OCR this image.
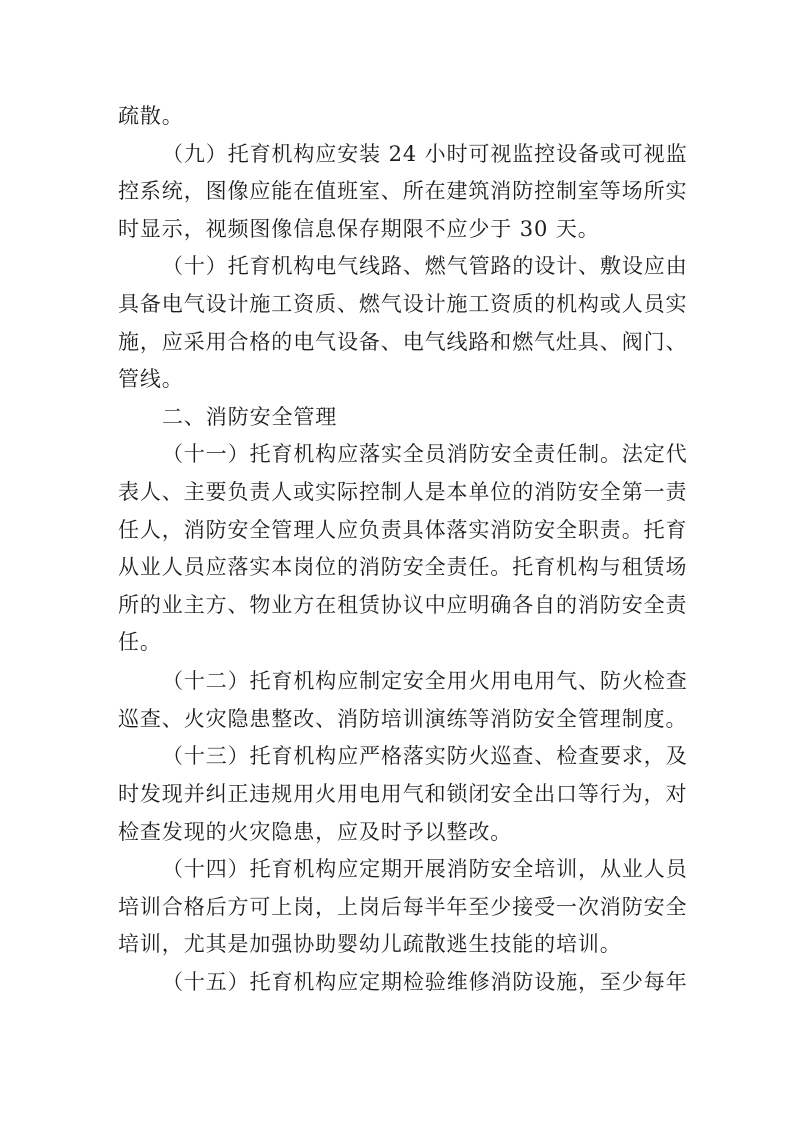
疏散。
（九）托育机构应安装 24 小时可视监控设备或可视监
控系统，图像应能在值班室、所在建筑消防控制室等场所实
时显示，视频图像信息保存期限不应少于 30 天。
（十）托育机构电气线路、燃气管路的设计、敷设应由
具备电气设计施工资质、燃气设计施工资质的机构或人员实
施，应采用合格的电气设备、电气线路和燃气灶具、阀门、
管线。
二、消防安全管理
（十一）托育机构应落实全员消防安全责任制。法定代
表人、主要负责人或实际控制人是本单位的消防安全第一责
任人，消防安全管理人应负责具体落实消防安全职责。托育
从业人员应落实本岗位的消防安全责任。托育机构与租赁场
所的业主方、物业方在租赁协议中应明确各自的消防安全责
任。
（十二）托育机构应制定安全用火用电用气、防火检查
巡查、火灾隐患整改、消防培训演练等消防安全管理制度。
（十三）托育机构应严格落实防火巡查、检查要求，及
时发现并纠正违规用火用电用气和锁闭安全出口等行为，对
检查发现的火灾隐患，应及时予以整改。
（十四）托育机构应定期开展消防安全培训，从业人员
培训合格后方可上岗，上岗后每半年至少接受一次消防安全
培训，尤其是加强协助婴幼儿疏散逃生技能的培训。
（十五）托育机构应定期检验维修消防设施，至少每年
